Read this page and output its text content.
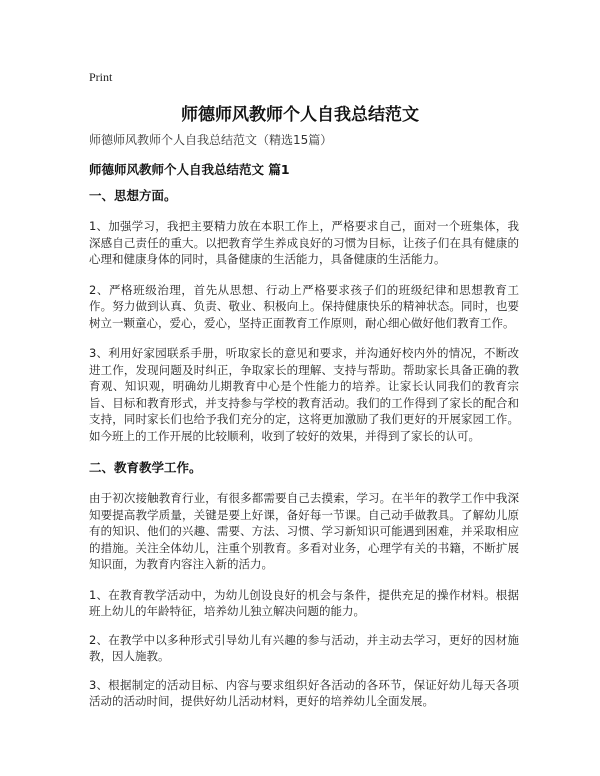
Print
师德师风教师个人自我总结范文
师德师风教师个人自我总结范文（精选15篇）
师德师风教师个人自我总结范文 篇1
一、思想方面。

1、加强学习，我把主要精力放在本职工作上，严格要求自己，面对一个班集体，我深感自己责任的重大。以把教育学生养成良好的习惯为目标，让孩子们在具有健康的心理和健康身体的同时，具备健康的生活能力，具备健康的生活能力。

2、严格班级治理，首先从思想、行动上严格要求孩子们的班级纪律和思想教育工作。努力做到认真、负责、敬业、积极向上。保持健康快乐的精神状态。同时，也要树立一颗童心，爱心，爱心，坚持正面教育工作原则，耐心细心做好他们教育工作。

3、利用好家园联系手册，听取家长的意见和要求，并沟通好校内外的情况，不断改进工作，发现问题及时纠正，争取家长的理解、支持与帮助。帮助家长具备正确的教育观、知识观，明确幼儿期教育中心是个性能力的培养。让家长认同我们的教育宗旨、目标和教育形式，并支持参与学校的教育活动。我们的工作得到了家长的配合和支持，同时家长们也给予我们充分的定，这将更加激励了我们更好的开展家园工作。如今班上的工作开展的比较顺利，收到了较好的效果，并得到了家长的认可。

二、教育教学工作。

由于初次接触教育行业，有很多都需要自己去摸索，学习。在半年的教学工作中我深知要提高教学质量，关键是要上好课，备好每一节课。自己动手做教具。了解幼儿原有的知识、他们的兴趣、需要、方法、习惯、学习新知识可能遇到困难，并采取相应的措施。关注全体幼儿，注重个别教育。多看对业务，心理学有关的书籍，不断扩展知识面，为教育内容注入新的活力。

1、在教育教学活动中，为幼儿创设良好的机会与条件，提供充足的操作材料。根据班上幼儿的年龄特征，培养幼儿独立解决问题的能力。

2、在教学中以多种形式引导幼儿有兴趣的参与活动，并主动去学习，更好的因材施教，因人施教。

3、根据制定的活动目标、内容与要求组织好各活动的各环节，保证好幼儿每天各项活动的活动时间，提供好幼儿活动材料，更好的培养幼儿全面发展。
